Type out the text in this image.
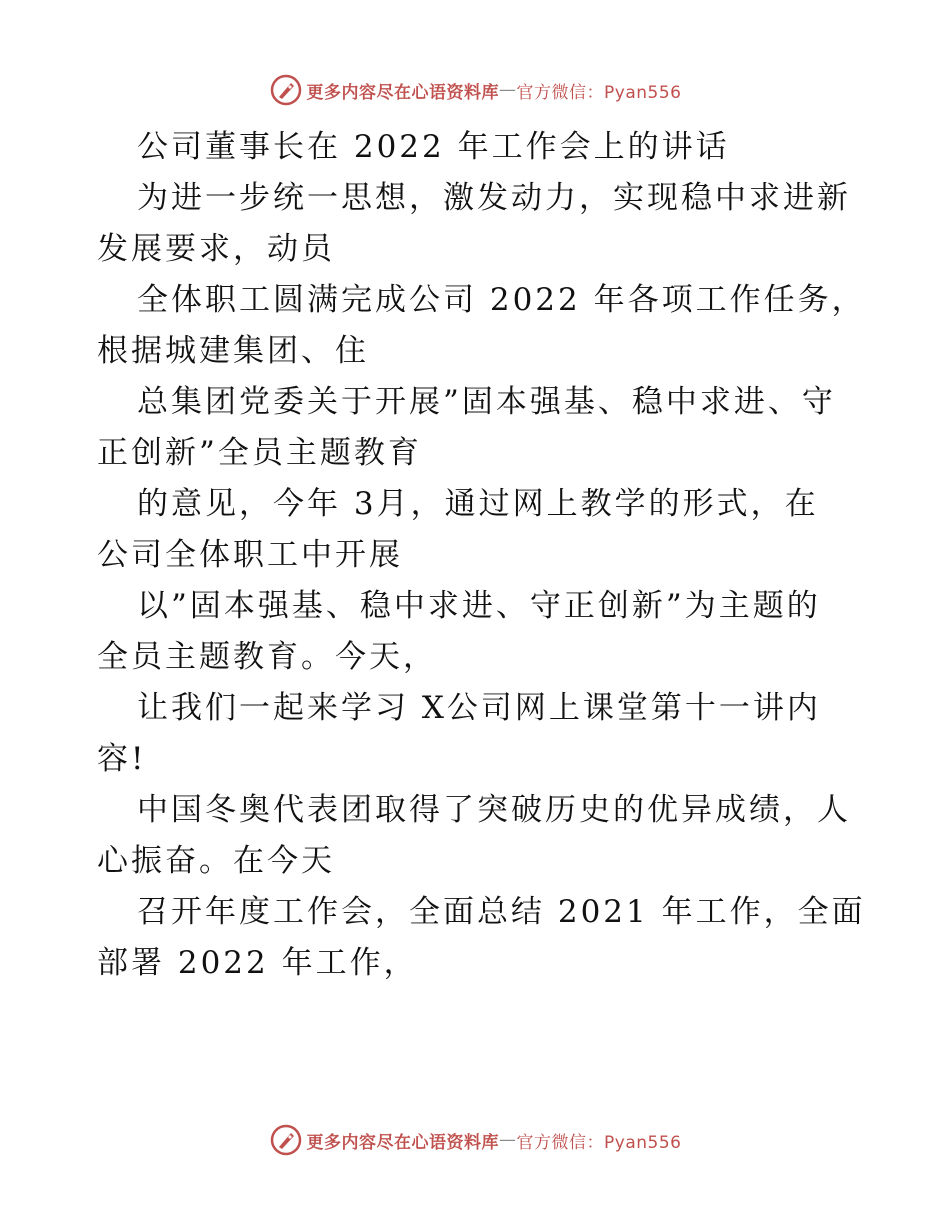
更多内容尽在心语资料库 — 官方微信：Pyan556
公司董事长在 2022 年工作会上的讲话
为进一步统一思想，激发动力，实现稳中求进新
发展要求，动员
全体职工圆满完成公司 2022 年各项工作任务，
根据城建集团、住
总集团党委关于开展”固本强基、稳中求进、守
正创新”全员主题教育
的意见，今年 3月，通过网上教学的形式，在
公司全体职工中开展
以”固本强基、稳中求进、守正创新”为主题的
全员主题教育。今天，
让我们一起来学习 X公司网上课堂第十一讲内
容!
中国冬奥代表团取得了突破历史的优异成绩，人
心振奋。在今天
召开年度工作会，全面总结 2021 年工作，全面
部署 2022 年工作，
更多内容尽在心语资料库 — 官方微信：Pyan556
